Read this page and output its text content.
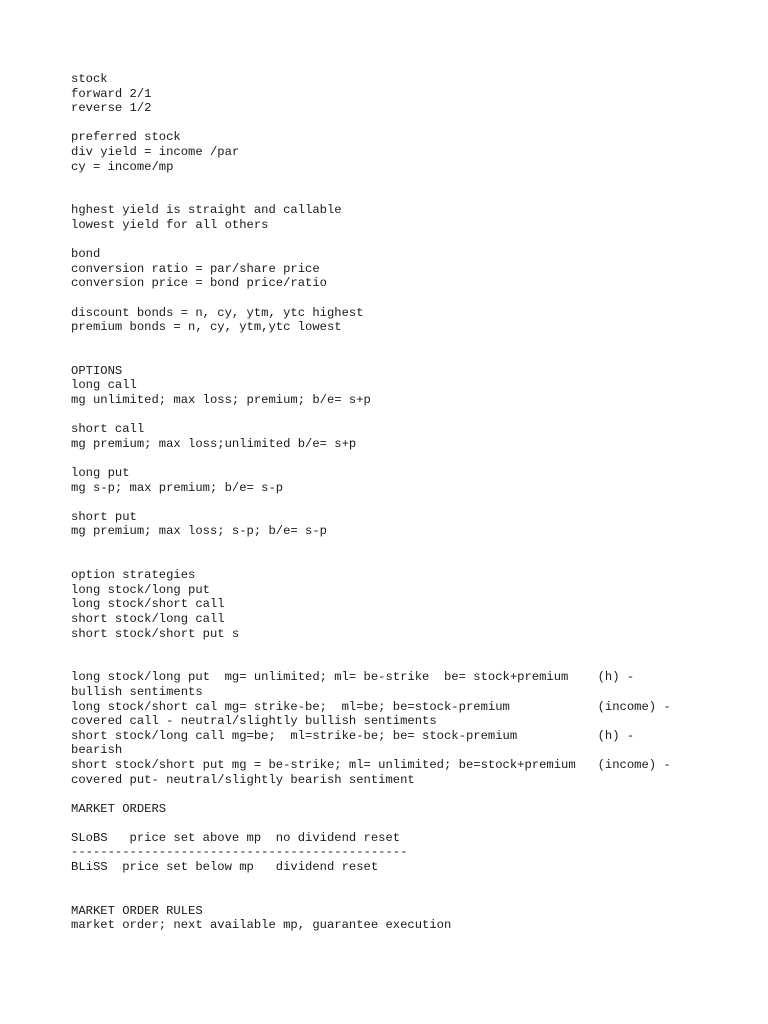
stock
forward 2/1
reverse 1/2

preferred stock
div yield = income /par
cy = income/mp

hghest yield is straight and callable
lowest yield for all others

bond
conversion ratio = par/share price
conversion price = bond price/ratio

discount bonds = n, cy, ytm, ytc highest
premium bonds = n, cy, ytm,ytc lowest

OPTIONS
long call
mg unlimited; max loss; premium; b/e= s+p

short call
mg premium; max loss;unlimited b/e= s+p

long put
mg s-p; max premium; b/e= s-p

short put
mg premium; max loss; s-p; b/e= s-p

option strategies
long stock/long put
long stock/short call
short stock/long call
short stock/short put s

long stock/long put  mg= unlimited; ml= be-strike  be= stock+premium    (h) -
bullish sentiments
long stock/short cal mg= strike-be;  ml=be; be=stock-premium            (income) -
covered call - neutral/slightly bullish sentiments
short stock/long call mg=be;  ml=strike-be; be= stock-premium           (h) -
bearish
short stock/short put mg = be-strike; ml= unlimited; be=stock+premium   (income) -
covered put- neutral/slightly bearish sentiment

MARKET ORDERS

SLoBS   price set above mp  no dividend reset
----------------------------------------------
BLiSS  price set below mp   dividend reset

MARKET ORDER RULES
market order; next available mp, guarantee execution
